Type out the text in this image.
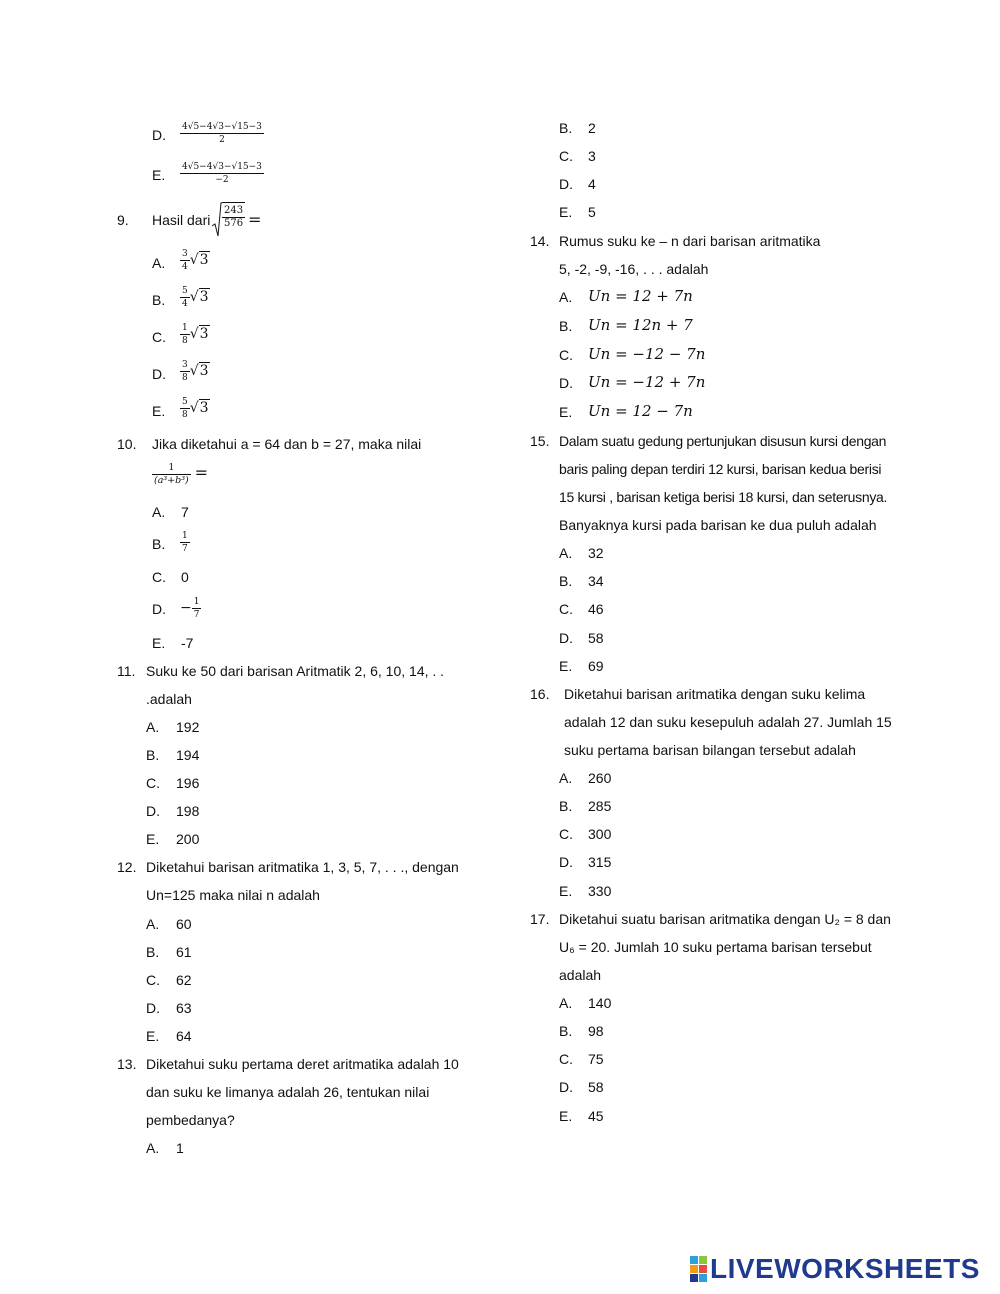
D. $\frac{4√5-4√3-√15-3}{2}$
E. $\frac{4√5-4√3-√15-3}{-2}$
9. Hasil dari $\frac{243}{576}$ =
A. $\frac{3}{4} √3$
B. $\frac{5}{4} √3$
C. $\frac{1}{8} √3$
D. $\frac{3}{8} √3$
E. $\frac{5}{8} √3$
10. Jika diketahui a = 64 dan b = 27, maka nilai
$\frac{1}{\text{(a³+b³)}}$ =
A. 7
B. $\frac{1}{7}$
C. 0
D. − $\frac{1}{7}$
E. -7
11. Suku ke 50 dari barisan Aritmatik 2, 6, 10, 14, . .
.adalah
A. 192
B. 194
C. 196
D. 198
E. 200
12. Diketahui barisan aritmatika 1, 3, 5, 7, . . ., dengan
Un=125 maka nilai n adalah
A. 60
B. 61
C. 62
D. 63
E. 64
13. Diketahui suku pertama deret aritmatika adalah 10
dan suku ke limanya adalah 26, tentukan nilai
pembedanya?
A. 1
B. 2
C. 3
D. 4
E. 5
14. Rumus suku ke – n dari barisan aritmatika
5, -2, -9, -16, . . . adalah
A. Un = 12 + 7n
B. Un = 12n + 7
C. Un = −12 − 7n
D. Un = −12 + 7n
E. Un = 12 − 7n
15. Dalam suatu gedung pertunjukan disusun kursi dengan
baris paling depan terdiri 12 kursi, barisan kedua berisi
15 kursi , barisan ketiga berisi 18 kursi, dan seterusnya.
Banyaknya kursi pada barisan ke dua puluh adalah
A. 32
B. 34
C. 46
D. 58
E. 69
16. Diketahui barisan aritmatika dengan suku kelima
adalah 12 dan suku kesepuluh adalah 27. Jumlah 15
suku pertama barisan bilangan tersebut adalah
A. 260
B. 285
C. 300
D. 315
E. 330
17. Diketahui suatu barisan aritmatika dengan U₂ = 8 dan
U₆ = 20. Jumlah 10 suku pertama barisan tersebut
adalah
A. 140
B. 98
C. 75
D. 58
E. 45
LIVEWORKSHEETS
